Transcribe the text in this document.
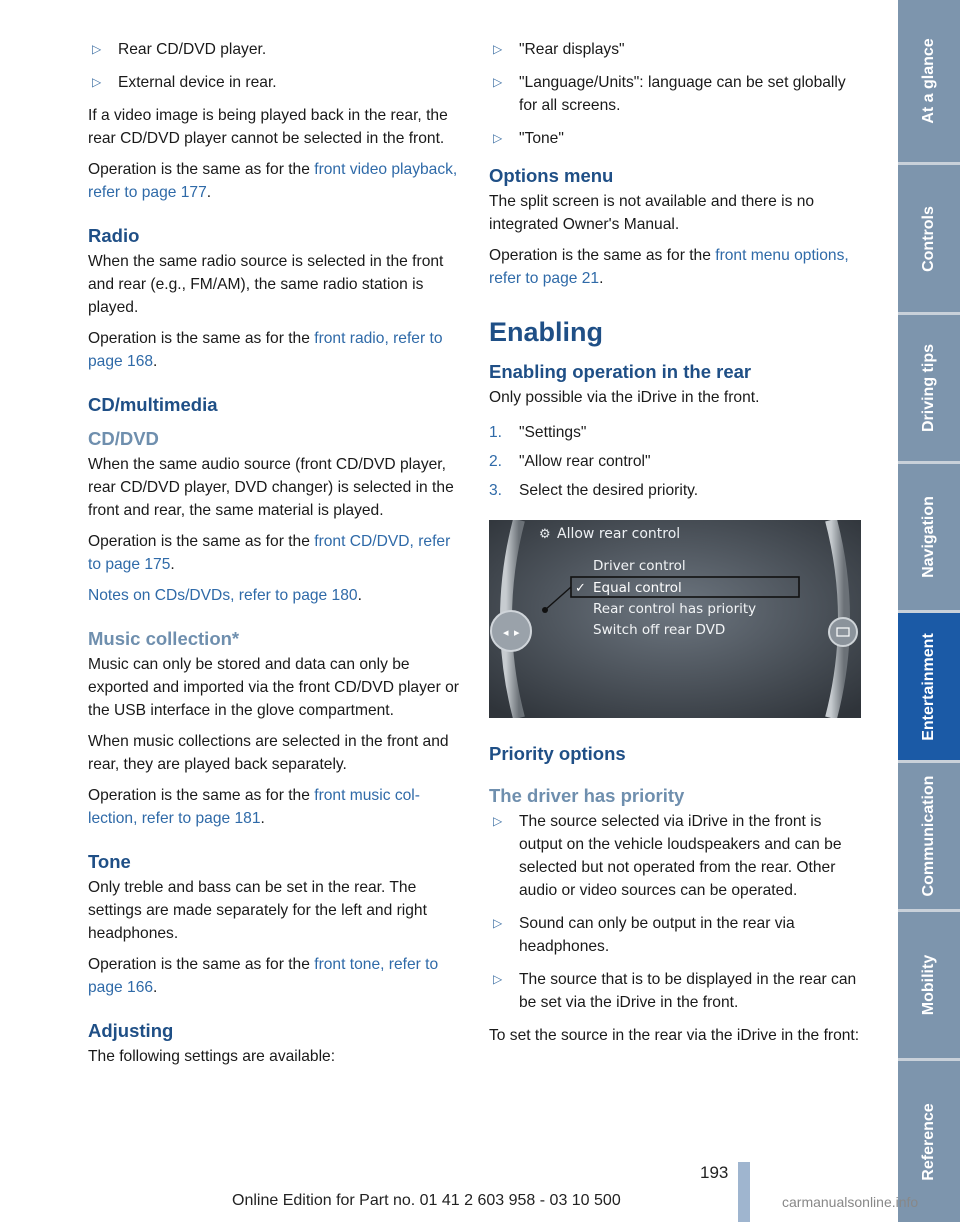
▷ Rear CD/DVD player.
▷ External device in rear.

If a video image is being played back in the rear, the rear CD/DVD player cannot be selected in the front.

Operation is the same as for the front video playback, refer to page 177.

Radio

When the same radio source is selected in the front and rear (e.g., FM/AM), the same radio station is played.

Operation is the same as for the front radio, refer to page 168.

CD/multimedia
CD/DVD

When the same audio source (front CD/DVD player, rear CD/DVD player, DVD changer) is selected in the front and rear, the same material is played.

Operation is the same as for the front CD/DVD, refer to page 175.

Notes on CDs/DVDs, refer to page 180.

Music collection*

Music can only be stored and data can only be exported and imported via the front CD/DVD player or the USB interface in the glove compartment.

When music collections are selected in the front and rear, they are played back separately.

Operation is the same as for the front music collection, refer to page 181.

Tone

Only treble and bass can be set in the rear. The settings are made separately for the left and right headphones.

Operation is the same as for the front tone, refer to page 166.

Adjusting

The following settings are available:

▷ "Rear displays"
▷ "Language/Units": language can be set globally for all screens.
▷ "Tone"
Options menu

The split screen is not available and there is no integrated Owner's Manual.

Operation is the same as for the front menu options, refer to page 21.

Enabling
Enabling operation in the rear

Only possible via the iDrive in the front.

1. "Settings"
2. "Allow rear control"
3. Select the desired priority.
◂ ▸
⚙ Allow rear control
Driver control
✓ Equal control
Rear control has priority
Switch off rear DVD
Priority options
The driver has priority
▷ The source selected via iDrive in the front is output on the vehicle loudspeakers and can be selected but not operated from the rear. Other audio or video sources can be operated.
▷ Sound can only be output in the rear via headphones.
▷ The source that is to be displayed in the rear can be set via the iDrive in the front.

To set the source in the rear via the iDrive in the front:

At a glance
Controls
Driving tips
Navigation
Entertainment
Communication
Mobility
Reference
193
Online Edition for Part no. 01 41 2 603 958 - 03 10 500	carmanualsonline.info
